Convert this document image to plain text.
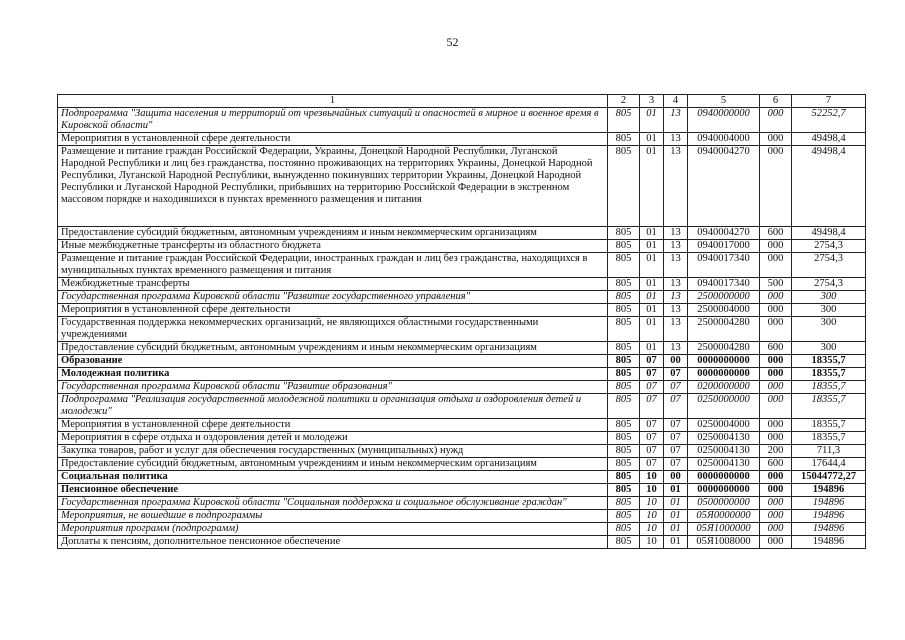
52
1	2	3	4	5	6	7
Подпрограмма "Защита населения и территорий от чрезвычайных ситуаций и опасностей в мирное и военное время в Кировской области"	805	01	13	0940000000	000	52252,7
Мероприятия в установленной сфере деятельности	805	01	13	0940004000	000	49498,4
Размещение и питание граждан Российской Федерации, Украины, Донецкой Народной Республики, Луганской Народной Республики и лиц без гражданства, постоянно проживающих на территориях Украины, Донецкой Народной Республики, Луганской Народной Республики, вынужденно покинувших территории Украины, Донецкой Народной Республики и Луганской Народной Республики, прибывших на территорию Российской Федерации в экстренном массовом порядке и находившихся в пунктах временного размещения и питания	805	01	13	0940004270	000	49498,4
Предоставление субсидий бюджетным, автономным учреждениям и иным некоммерческим организациям	805	01	13	0940004270	600	49498,4
Иные межбюджетные трансферты из областного бюджета	805	01	13	0940017000	000	2754,3
Размещение и питание граждан Российской Федерации, иностранных граждан и лиц без гражданства, находящихся в муниципальных пунктах временного размещения и питания	805	01	13	0940017340	000	2754,3
Межбюджетные трансферты	805	01	13	0940017340	500	2754,3
Государственная программа Кировской области "Развитие государственного управления"	805	01	13	2500000000	000	300
Мероприятия в установленной сфере деятельности	805	01	13	2500004000	000	300
Государственная поддержка некоммерческих организаций, не являющихся областными государственными учреждениями	805	01	13	2500004280	000	300
Предоставление субсидий бюджетным, автономным учреждениям и иным некоммерческим организациям	805	01	13	2500004280	600	300
Образование	805	07	00	0000000000	000	18355,7
Молодежная политика	805	07	07	0000000000	000	18355,7
Государственная программа Кировской области "Развитие образования"	805	07	07	0200000000	000	18355,7
Подпрограмма "Реализация государственной молодежной политики и организация отдыха и оздоровления детей и молодежи"	805	07	07	0250000000	000	18355,7
Мероприятия в установленной сфере деятельности	805	07	07	0250004000	000	18355,7
Мероприятия в сфере отдыха и оздоровления детей и молодежи	805	07	07	0250004130	000	18355,7
Закупка товаров, работ и услуг для обеспечения государственных (муниципальных) нужд	805	07	07	0250004130	200	711,3
Предоставление субсидий бюджетным, автономным учреждениям и иным некоммерческим организациям	805	07	07	0250004130	600	17644,4
Социальная политика	805	10	00	0000000000	000	15044772,27
Пенсионное обеспечение	805	10	01	0000000000	000	194896
Государственная программа Кировской области "Социальная поддержка и социальное обслуживание граждан"	805	10	01	0500000000	000	194896
Мероприятия, не вошедшие в подпрограммы	805	10	01	05Я0000000	000	194896
Мероприятия программ (подпрограмм)	805	10	01	05Я1000000	000	194896
Доплаты к пенсиям, дополнительное пенсионное обеспечение	805	10	01	05Я1008000	000	194896
